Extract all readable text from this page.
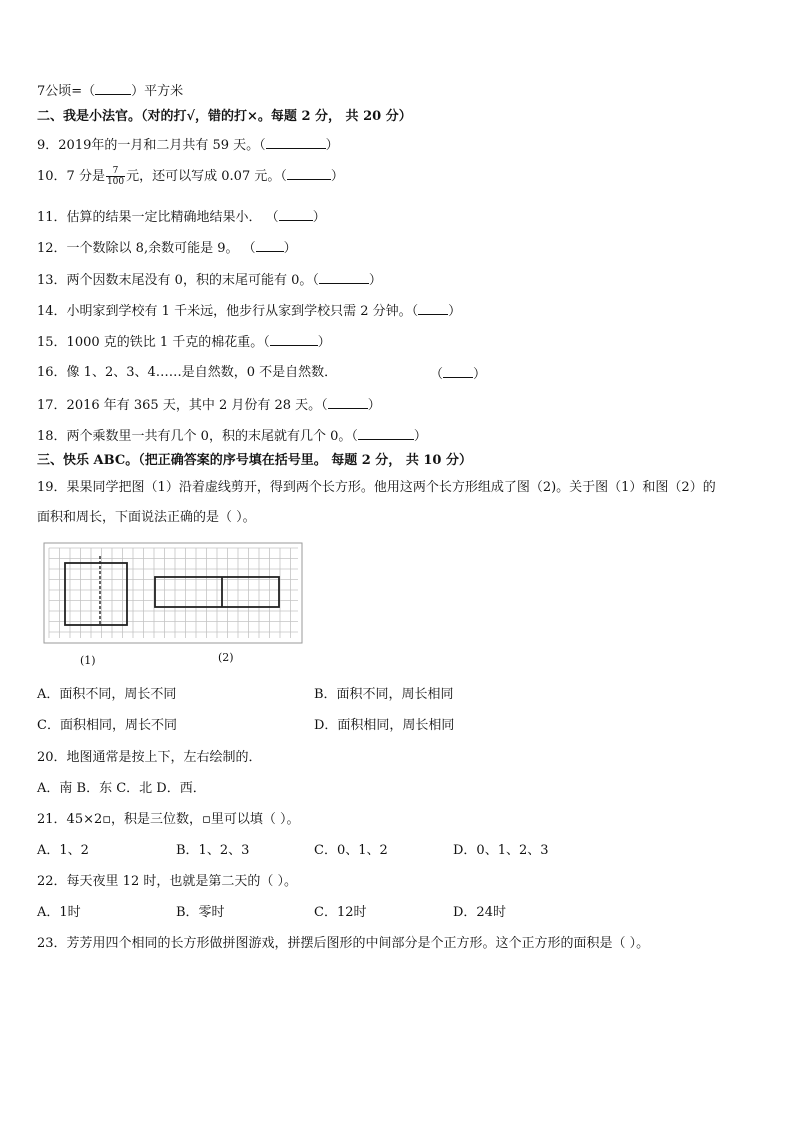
7公顷=（	）平方米
二、我是小法官。（对的打√，错的打×。每题 2 分， 共 20 分）
9．2019年的一月和二月共有 59 天。（	）
10．7 分是 $\frac{7}{100}$ 元，还可以写成 0.07 元。（	）
11．估算的结果一定比精确地结果小． （	）
12．一个数除以 8,余数可能是 9。 （ ）
13．两个因数末尾没有 0，积的末尾可能有 0。（	）
14．小明家到学校有 1 千米远，他步行从家到学校只需 2 分钟。（ ）
15．1000 克的铁比 1 千克的棉花重。（	）
16．像 1、2、3、4……是自然数，0 不是自然数．	（ ）
17．2016 年有 365 天，其中 2 月份有 28 天。（	）
18．两个乘数里一共有几个 0，积的末尾就有几个 0。（	）
三、快乐 ABC。（把正确答案的序号填在括号里。 每题 2 分， 共 10 分）
19．果果同学把图（1）沿着虚线剪开，得到两个长方形。他用这两个长方形组成了图（2)。关于图（1）和图（2）的
面积和周长，下面说法正确的是（ ）。
(1)	(2)
A．面积不同，周长不同	B．面积不同，周长相同
C．面积相同，周长不同	D．面积相同，周长相同
20．地图通常是按上下，左右绘制的．
A．南 B．东 C．北 D．西．
21．45×2▫，积是三位数，▫里可以填（ ）。
A．1、2	B．1、2、3	C．0、1、2	D．0、1、2、3
22．每天夜里 12 时，也就是第二天的（ ）。
A．1时	B．零时	C．12时	D．24时
23．芳芳用四个相同的长方形做拼图游戏，拼摆后图形的中间部分是个正方形。这个正方形的面积是（ ）。
